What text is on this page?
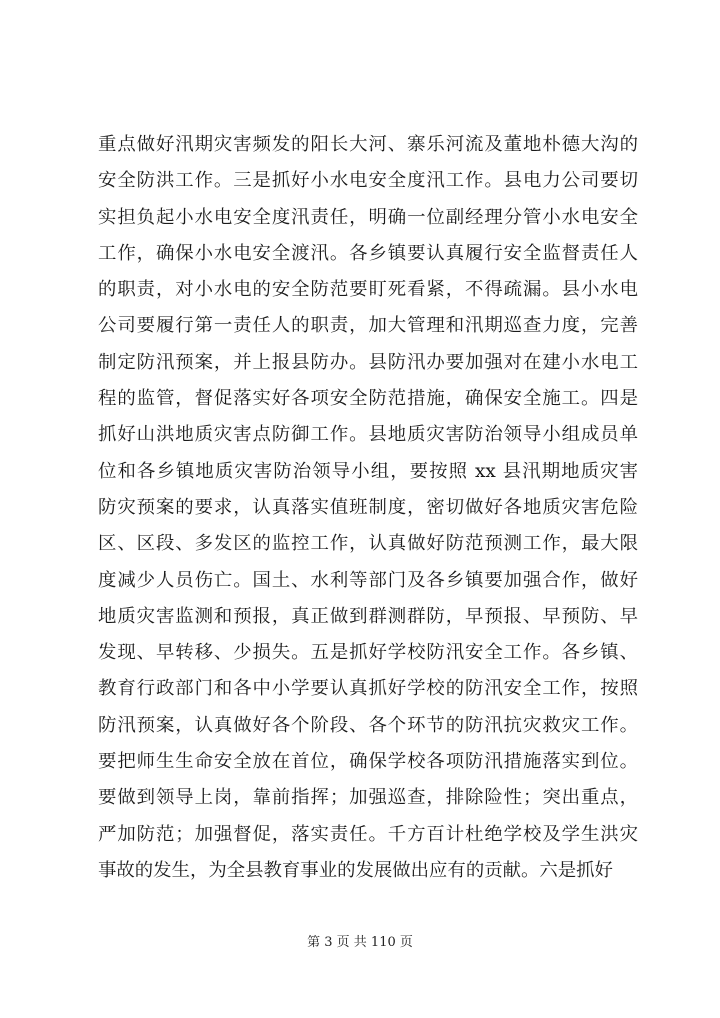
重点做好汛期灾害频发的阳长大河、寨乐河流及董地朴德大沟的
安全防洪工作。三是抓好小水电安全度汛工作。县电力公司要切
实担负起小水电安全度汛责任，明确一位副经理分管小水电安全
工作，确保小水电安全渡汛。各乡镇要认真履行安全监督责任人
的职责，对小水电的安全防范要盯死看紧，不得疏漏。县小水电
公司要履行第一责任人的职责，加大管理和汛期巡查力度，完善
制定防汛预案，并上报县防办。县防汛办要加强对在建小水电工
程的监管，督促落实好各项安全防范措施，确保安全施工。四是
抓好山洪地质灾害点防御工作。县地质灾害防治领导小组成员单
位和各乡镇地质灾害防治领导小组，要按照 xx 县汛期地质灾害
防灾预案的要求，认真落实值班制度，密切做好各地质灾害危险
区、区段、多发区的监控工作，认真做好防范预测工作，最大限
度减少人员伤亡。国土、水利等部门及各乡镇要加强合作，做好
地质灾害监测和预报，真正做到群测群防，早预报、早预防、早
发现、早转移、少损失。五是抓好学校防汛安全工作。各乡镇、
教育行政部门和各中小学要认真抓好学校的防汛安全工作，按照
防汛预案，认真做好各个阶段、各个环节的防汛抗灾救灾工作。
要把师生生命安全放在首位，确保学校各项防汛措施落实到位。
要做到领导上岗，靠前指挥；加强巡查，排除险性；突出重点，
严加防范；加强督促，落实责任。千方百计杜绝学校及学生洪灾
事故的发生，为全县教育事业的发展做出应有的贡献。六是抓好
第 3 页 共 110 页
